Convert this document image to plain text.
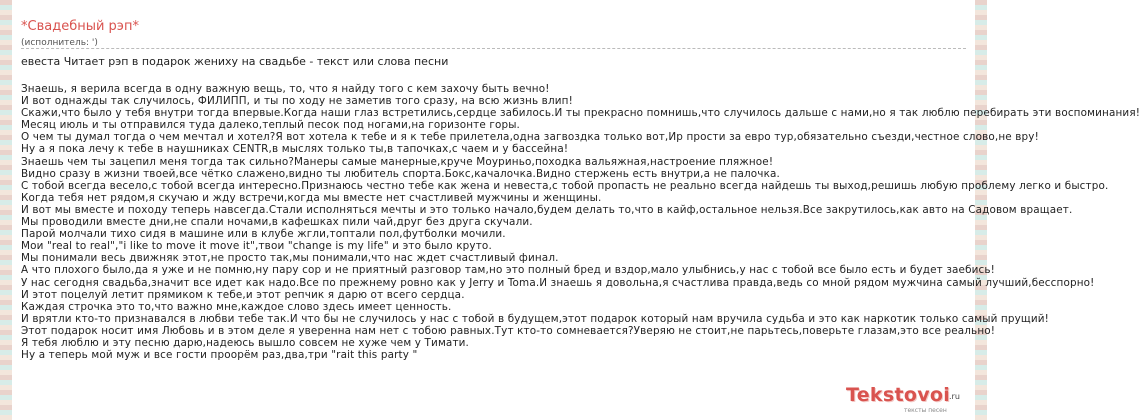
*Свадебный рэп*
(исполнитель: ')
евеста Читает рэп в подарок жениху на свадьбе - текст или слова песни
Знаешь, я верила всегда в одну важную вещь, то, что я найду того с кем захочу быть вечно!
И вот однажды так случилось, ФИЛИПП, и ты по ходу не заметив того сразу, на всю жизнь влип!
Скажи,что было у тебя внутри тогда впервые.Когда наши глаз встретились,сердце забилось.И ты прекрасно помнишь,что случилось дальше с нами,но я так люблю перебирать эти воспоминания!
Месяц июль и ты отправился туда далеко,теплый песок под ногами,на горизонте горы.
О чем ты думал тогда о чем мечтал и хотел?Я вот хотела к тебе и я к тебе прилетела,одна загвоздка только вот,Ир прости за евро тур,обязательно съезди,честное слово,не вру!
Ну а я пока лечу к тебе в наушниках CENTR,в мыслях только ты,в тапочках,с чаем и у бассейна!
Знаешь чем ты зацепил меня тогда так сильно?Манеры самые манерные,круче Моуриньо,походка вальяжная,настроение пляжное!
Видно сразу в жизни твоей,все чётко слажено,видно ты любитель спорта.Бокс,качалочка.Видно стержень есть внутри,а не палочка.
С тобой всегда весело,с тобой всегда интересно.Признаюсь честно тебе как жена и невеста,с тобой пропасть не реально всегда найдешь ты выход,решишь любую проблему легко и быстро.
Когда тебя нет рядом,я скучаю и жду встречи,когда мы вместе нет счастливей мужчины и женщины.
И вот мы вместе и походу теперь навсегда.Стали исполняться мечты и это только начало,будем делать то,что в кайф,остальное нельзя.Все закрутилось,как авто на Садовом вращает.
Мы проводили вместе дни,не спали ночами,в кафешках пили чай,друг без друга скучали.
Парой молчали тихо сидя в машине или в клубе жгли,топтали пол,футболки мочили.
Мои "real to real","i like to move it move it",твои "change is my life" и это было круто.
Мы понимали весь движняк этот,не просто так,мы понимали,что нас ждет счастливый финал.
А что плохого было,да я уже и не помню,ну пару сор и не приятный разговор там,но это полный бред и вздор,мало улыбнись,у нас с тобой все было есть и будет заебись!
У нас сегодня свадьба,значит все идет как надо.Все по прежнему ровно как у Jerry и Toma.И знаешь я довольна,я счастлива правда,ведь со мной рядом мужчина самый лучший,бесспорно!
И этот поцелуй летит прямиком к тебе,и этот репчик я дарю от всего сердца.
Каждая строчка это то,что важно мне,каждое слово здесь имеет ценность.
И врятли кто-то признавался в любви тебе так.И что бы не случилось у нас с тобой в будущем,этот подарок который нам вручила судьба и это как наркотик только самый прущий!
Этот подарок носит имя Любовь и в этом деле я уверенна нам нет с тобою равных.Тут кто-то сомневается?Уверяю не стоит,не парьтесь,поверьте глазам,это все реально!
Я тебя люблю и эту песню дарю,надеюсь вышло совсем не хуже чем у Тимати.
Ну а теперь мой муж и все гости проорём раз,два,три "rait this party "
Tekstovoi
.ru
тексты песен
